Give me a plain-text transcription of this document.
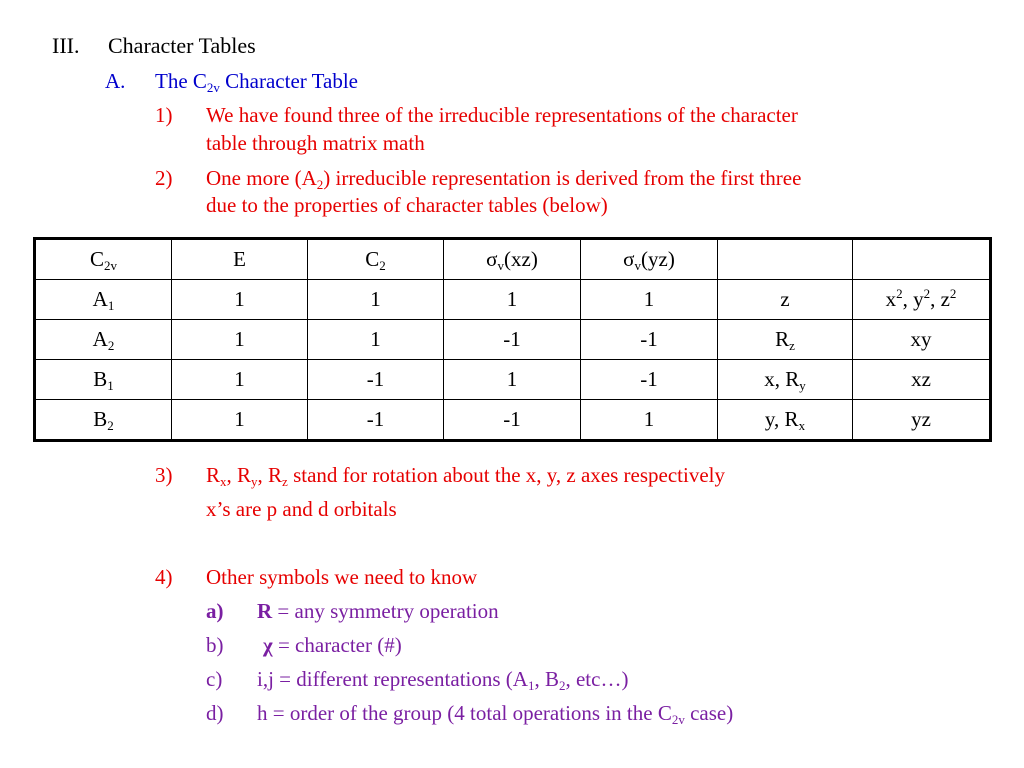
III. Character Tables
A. The $C_{2v}$ Character Table
1) We have found three of the irreducible representations of the character
table through matrix math
2) One more $(A_2)$ irreducible representation is derived from the first three
due to the properties of character tables (below)
$C_{2v}$	E	$C_2$	$\sigma_v(xz)$	$\sigma_v(yz)$		
$A_1$	1	1	1	1	z	$x^2$, $y^2$, $z^2$
$A_2$	1	1	-1	-1	$R_z$	xy
$B_1$	1	-1	1	-1	x, $R_y$	xz
$B_2$	1	-1	-1	1	y, $R_x$	yz
3) $R_x$, $R_y$, $R_z$ stand for rotation about the x, y, z axes respectively
x’s are p and d orbitals
4) Other symbols we need to know
a) R = any symmetry operation
b) χ = character (#)
c) i,j = different representations ($A_1$, $B_2$, etc…)
d) h = order of the group (4 total operations in the $C_{2v}$ case)
